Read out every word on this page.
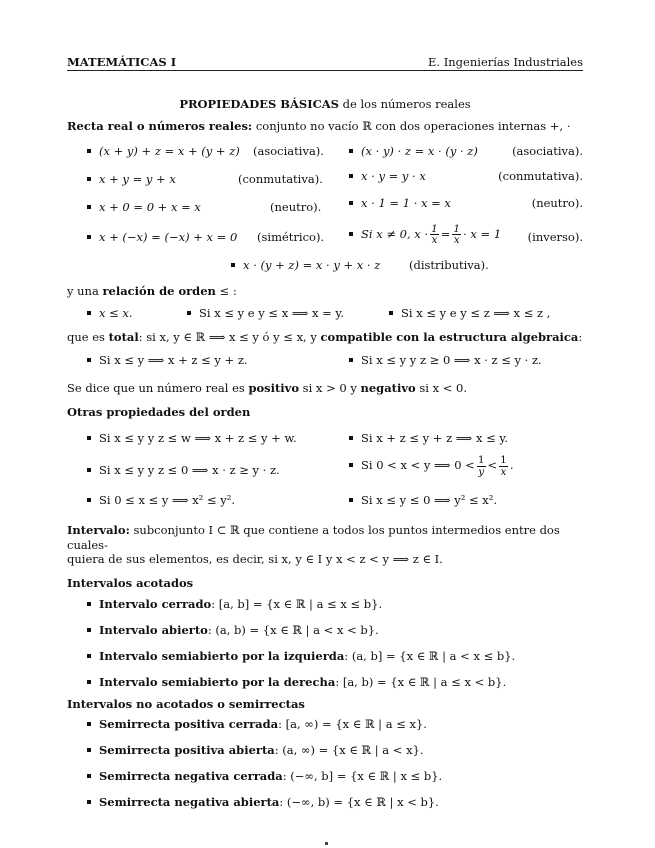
MATEMÁTICAS I	E. Ingenierías Industriales
PROPIEDADES BÁSICAS de los números reales

Recta real o números reales: conjunto no vacío ℝ con dos operaciones internas +, ·

(x + y) + z = x + (y + z) (asociativa).	(x · y) · z = x · (y · z)	(asociativa).
x + y = y + x	(conmutativa).	x · y = y · x	(conmutativa).
x + 0 = 0 + x = x	(neutro).	x · 1 = 1 · x = x	(neutro).
x + (−x) = (−x) + x = 0 (simétrico).	Si x ≠ 0, $x \cdot \frac{1}{x} = \frac{1}{x} \cdot x = 1$ (inverso).
x · (y + z) = x · y + x · z (distributiva).

y una relación de orden ≤ :

x ≤ x.	Si x ≤ y e y ≤ x ⟹ x = y.	Si x ≤ y e y ≤ z ⟹ x ≤ z ,

que es total: si x, y ∈ ℝ ⟹ x ≤ y ó y ≤ x, y compatible con la estructura algebraica:

Si x ≤ y ⟹ x + z ≤ y + z.	Si x ≤ y y z ≥ 0 ⟹ x · z ≤ y · z.

Se dice que un número real es positivo si x > 0 y negativo si x < 0.

Otras propiedades del orden

Si x ≤ y y z ≤ w ⟹ x + z ≤ y + w.	Si x + z ≤ y + z ⟹ x ≤ y.
Si x ≤ y y z ≤ 0 ⟹ x · z ≥ y · z.	Si 0 < x < y ⟹ $0 < \frac{1}{y} < \frac{1}{x}$ .
Si 0 ≤ x ≤ y ⟹ x² ≤ y².	Si x ≤ y ≤ 0 ⟹ y² ≤ x².

Intervalo: subconjunto I ⊂ ℝ que contiene a todos los puntos intermedios entre dos cuales-
quiera de sus elementos, es decir, si x, y ∈ I y x < z < y ⟹ z ∈ I.

Intervalos acotados

Intervalo cerrado: [a, b] = {x ∈ ℝ | a ≤ x ≤ b}.
Intervalo abierto: (a, b) = {x ∈ ℝ | a < x < b}.
Intervalo semiabierto por la izquierda: (a, b] = {x ∈ ℝ | a < x ≤ b}.
Intervalo semiabierto por la derecha: [a, b) = {x ∈ ℝ | a ≤ x < b}.

Intervalos no acotados o semirrectas

Semirrecta positiva cerrada: [a, ∞) = {x ∈ ℝ | a ≤ x}.
Semirrecta positiva abierta: (a, ∞) = {x ∈ ℝ | a < x}.
Semirrecta negativa cerrada: (−∞, b] = {x ∈ ℝ | x ≤ b}.
Semirrecta negativa abierta: (−∞, b) = {x ∈ ℝ | x < b}.
